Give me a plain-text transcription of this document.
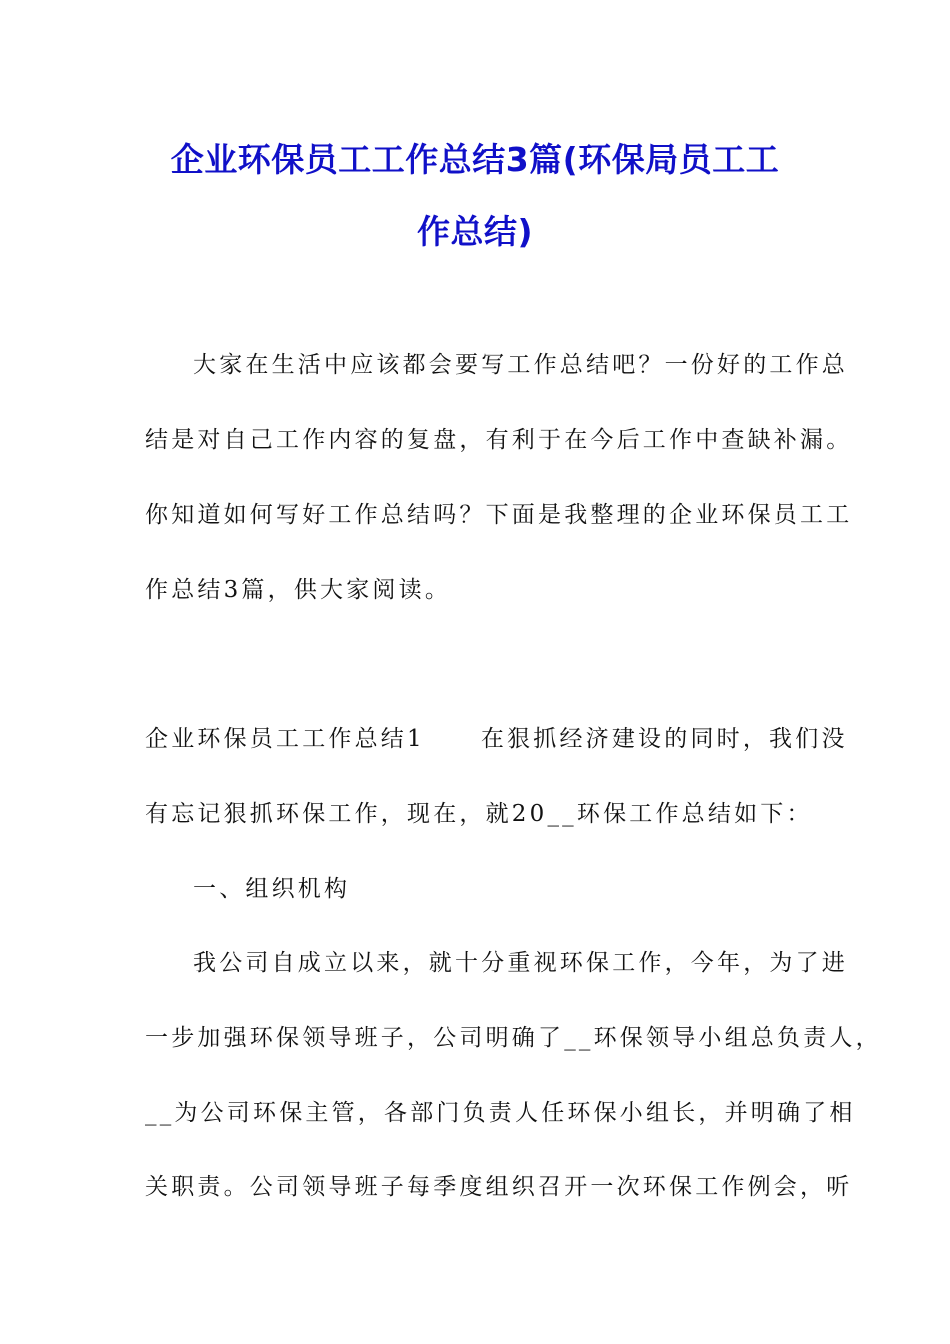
企业环保员工工作总结3篇(环保局员工工
作总结)
大家在生活中应该都会要写工作总结吧？一份好的工作总
结是对自己工作内容的复盘，有利于在今后工作中查缺补漏。
你知道如何写好工作总结吗？下面是我整理的企业环保员工工
作总结3篇，供大家阅读。
企业环保员工工作总结1 在狠抓经济建设的同时，我们没
有忘记狠抓环保工作，现在，就20__环保工作总结如下：
一、组织机构
我公司自成立以来，就十分重视环保工作，今年，为了进
一步加强环保领导班子，公司明确了__环保领导小组总负责人，
__为公司环保主管，各部门负责人任环保小组长，并明确了相
关职责。公司领导班子每季度组织召开一次环保工作例会，听
